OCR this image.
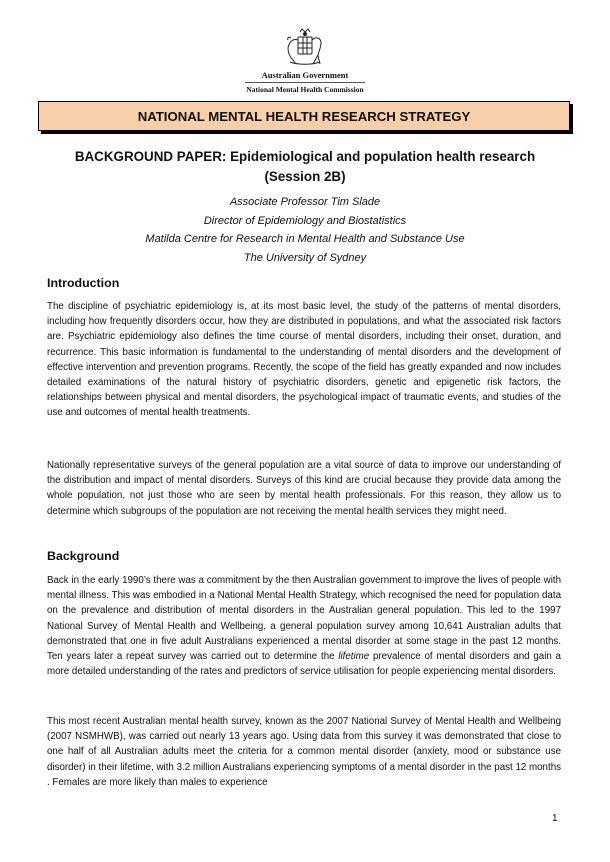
Australian Government
National Mental Health Commission
NATIONAL MENTAL HEALTH RESEARCH STRATEGY
BACKGROUND PAPER: Epidemiological and population health research
(Session 2B)
Associate Professor Tim Slade
Director of Epidemiology and Biostatistics
Matilda Centre for Research in Mental Health and Substance Use
The University of Sydney
Introduction

The discipline of psychiatric epidemiology is, at its most basic level, the study of the patterns of mental disorders, including how frequently disorders occur, how they are distributed in populations, and what the associated risk factors are. Psychiatric epidemiology also defines the time course of mental disorders, including their onset, duration, and recurrence. This basic information is fundamental to the understanding of mental disorders and the development of effective intervention and prevention programs. Recently, the scope of the field has greatly expanded and now includes detailed examinations of the natural history of psychiatric disorders, genetic and epigenetic risk factors, the relationships between physical and mental disorders, the psychological impact of traumatic events, and studies of the use and outcomes of mental health treatments.

Nationally representative surveys of the general population are a vital source of data to improve our understanding of the distribution and impact of mental disorders. Surveys of this kind are crucial because they provide data among the whole population, not just those who are seen by mental health professionals. For this reason, they allow us to determine which subgroups of the population are not receiving the mental health services they might need.

Background

Back in the early 1990’s there was a commitment by the then Australian government to improve the lives of people with mental illness. This was embodied in a National Mental Health Strategy, which recognised the need for population data on the prevalence and distribution of mental disorders in the Australian general population. This led to the 1997 National Survey of Mental Health and Wellbeing, a general population survey among 10,641 Australian adults that demonstrated that one in five adult Australians experienced a mental disorder at some stage in the past 12 months. Ten years later a repeat survey was carried out to determine the lifetime prevalence of mental disorders and gain a more detailed understanding of the rates and predictors of service utilisation for people experiencing mental disorders.

This most recent Australian mental health survey, known as the 2007 National Survey of Mental Health and Wellbeing (2007 NSMHWB), was carried out nearly 13 years ago. Using data from this survey it was demonstrated that close to one half of all Australian adults meet the criteria for a common mental disorder (anxiety, mood or substance use disorder) in their lifetime, with 3.2 million Australians experiencing symptoms of a mental disorder in the past 12 months . Females are more likely than males to experience

1
